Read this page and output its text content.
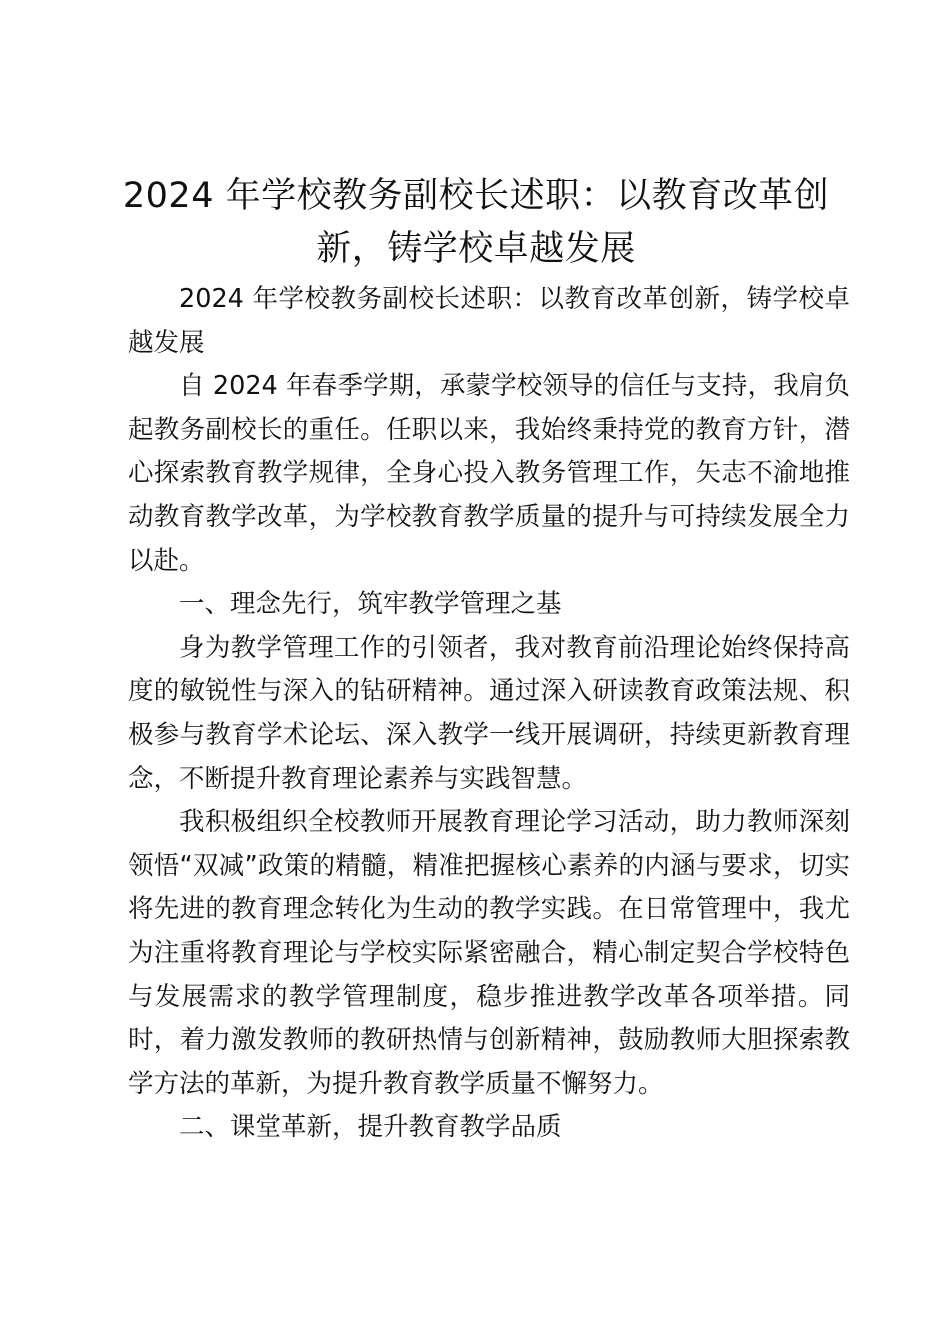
2024 年学校教务副校长述职：以教育改革创新，铸学校卓越发展

2024 年学校教务副校长述职：以教育改革创新，铸学校卓越发展

自 2024 年春季学期，承蒙学校领导的信任与支持，我肩负起教务副校长的重任。任职以来，我始终秉持党的教育方针，潜心探索教育教学规律，全身心投入教务管理工作，矢志不渝地推动教育教学改革，为学校教育教学质量的提升与可持续发展全力以赴。

一、理念先行，筑牢教学管理之基

身为教学管理工作的引领者，我对教育前沿理论始终保持高度的敏锐性与深入的钻研精神。通过深入研读教育政策法规、积极参与教育学术论坛、深入教学一线开展调研，持续更新教育理念，不断提升教育理论素养与实践智慧。

我积极组织全校教师开展教育理论学习活动，助力教师深刻领悟“双减”政策的精髓，精准把握核心素养的内涵与要求，切实将先进的教育理念转化为生动的教学实践。在日常管理中，我尤为注重将教育理论与学校实际紧密融合，精心制定契合学校特色与发展需求的教学管理制度，稳步推进教学改革各项举措。同时，着力激发教师的教研热情与创新精神，鼓励教师大胆探索教学方法的革新，为提升教育教学质量不懈努力。

二、课堂革新，提升教育教学品质
